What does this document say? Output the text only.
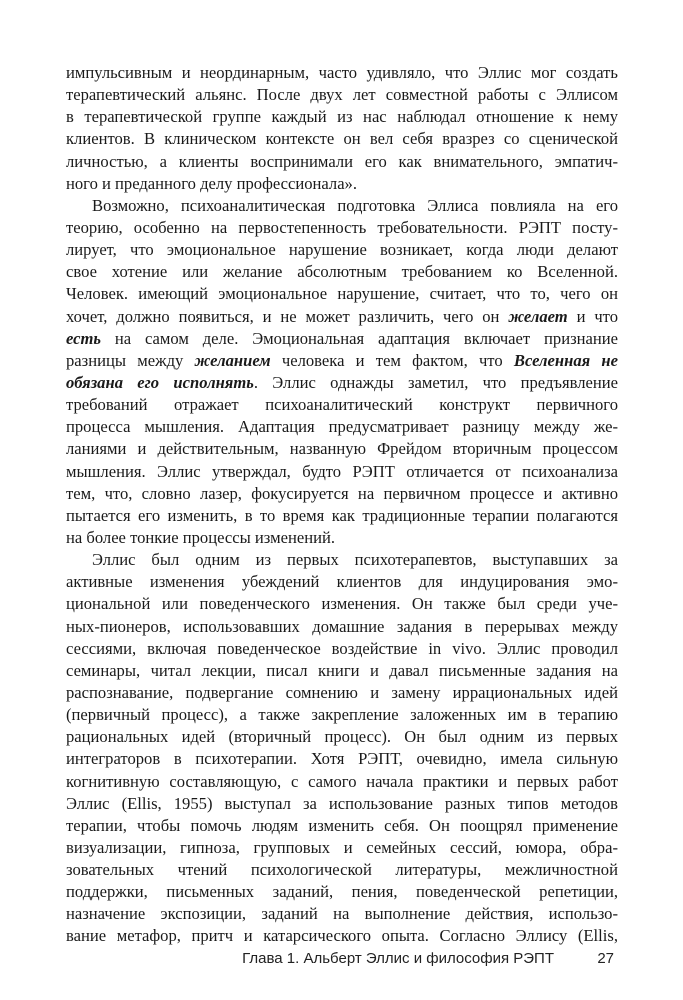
импульсивным и неординарным, часто удивляло, что Эллис мог создать
терапевтический альянс. После двух лет совместной работы с Эллисом
в терапевтической группе каждый из нас наблюдал отношение к нему
клиентов. В клиническом контексте он вел себя вразрез со сценической
личностью, а клиенты воспринимали его как внимательного, эмпатич-
ного и преданного делу профессионала».
Возможно, психоаналитическая подготовка Эллиса повлияла на его
теорию, особенно на первостепенность требовательности. РЭПТ посту-
лирует, что эмоциональное нарушение возникает, когда люди делают
свое хотение или желание абсолютным требованием ко Вселенной.
Человек. имеющий эмоциональное нарушение, считает, что то, чего он
хочет, должно появиться, и не может различить, чего он желает и что
есть на самом деле. Эмоциональная адаптация включает признание
разницы между желанием человека и тем фактом, что Вселенная не
обязана его исполнять. Эллис однажды заметил, что предъявление
требований отражает психоаналитический конструкт первичного
процесса мышления. Адаптация предусматривает разницу между же-
ланиями и действительным, названную Фрейдом вторичным процессом
мышления. Эллис утверждал, будто РЭПТ отличается от психоанализа
тем, что, словно лазер, фокусируется на первичном процессе и активно
пытается его изменить, в то время как традиционные терапии полагаются
на более тонкие процессы изменений.
Эллис был одним из первых психотерапевтов, выступавших за
активные изменения убеждений клиентов для индуцирования эмо-
циональной или поведенческого изменения. Он также был среди уче-
ных-пионеров, использовавших домашние задания в перерывах между
сессиями, включая поведенческое воздействие in vivo. Эллис проводил
семинары, читал лекции, писал книги и давал письменные задания на
распознавание, подвергание сомнению и замену иррациональных идей
(первичный процесс), а также закрепление заложенных им в терапию
рациональных идей (вторичный процесс). Он был одним из первых
интеграторов в психотерапии. Хотя РЭПТ, очевидно, имела сильную
когнитивную составляющую, с самого начала практики и первых работ
Эллис (Ellis, 1955) выступал за использование разных типов методов
терапии, чтобы помочь людям изменить себя. Он поощрял применение
визуализации, гипноза, групповых и семейных сессий, юмора, обра-
зовательных чтений психологической литературы, межличностной
поддержки, письменных заданий, пения, поведенческой репетиции,
назначение экспозиции, заданий на выполнение действия, использо-
вание метафор, притч и катарсического опыта. Согласно Эллису (Ellis,
Глава 1. Альберт Эллис и философия РЭПТ	27
